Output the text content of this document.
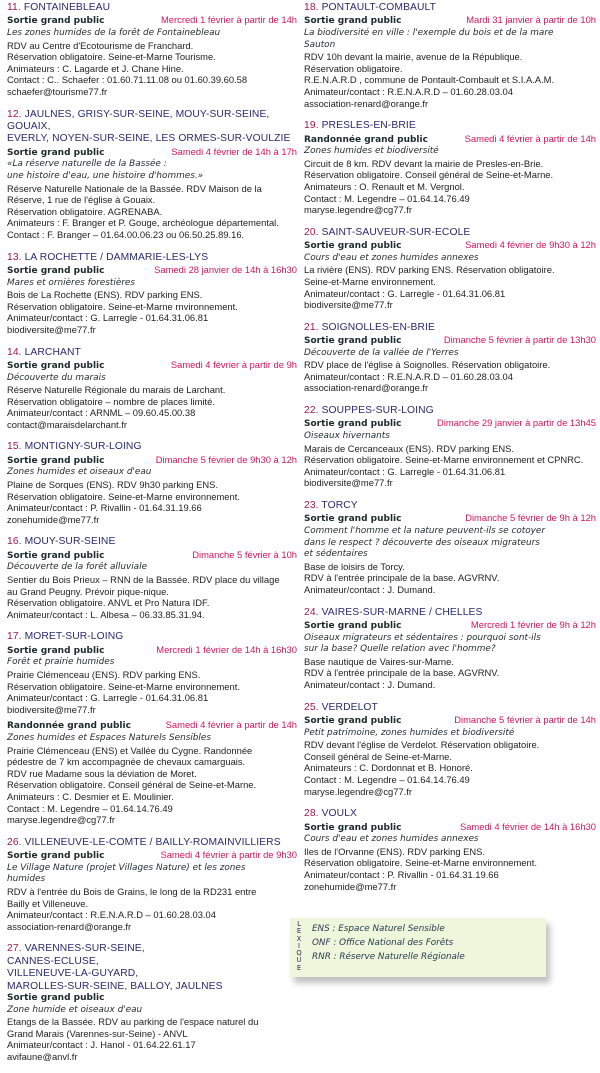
11. FONTAINEBLEAU
Sortie grand public	Mercredi 1 février à partir de 14h
Les zones humides de la forêt de Fontainebleau
RDV au Centre d'Ecotourisme de Franchard.
Réservation obligatoire. Seine-et-Marne Tourisme.
Animateurs : C. Lagarde et J. Chane Hine.
Contact : C.. Schaefer : 01.60.71.11.08 ou 01.60.39.60.58
schaefer@tourisme77.fr
12. JAULNES, GRISY-SUR-SEINE, MOUY-SUR-SEINE, GOUAIX,
EVERLY, NOYEN-SUR-SEINE, LES ORMES-SUR-VOULZIE
Sortie grand public	Samedi 4 février de 14h à 17h
«La réserve naturelle de la Bassée :
une histoire d'eau, une histoire d'hommes.»
Réserve Naturelle Nationale de la Bassée. RDV Maison de la
Réserve, 1 rue de l'église à Gouaix.
Réservation obligatoire. AGRENABA.
Animateurs : F. Branger et P. Gouge, archéologue départemental.
Contact : F. Branger – 01.64.00.06.23 ou 06.50.25.89.16.
13. LA ROCHETTE / DAMMARIE-LES-LYS
Sortie grand public	Samedi 28 janvier de 14h à 16h30
Mares et ornières forestières
Bois de La Rochette (ENS). RDV parking ENS.
Réservation obligatoire. Seine-et-Marne rnvironnement.
Animateur/contact : G. Larregle - 01.64.31.06.81
biodiversite@me77.fr
14. LARCHANT
Sortie grand public	Samedi 4 février à partir de 9h
Découverte du marais
Réserve Naturelle Régionale du marais de Larchant.
Réservation obligatoire – nombre de places limité.
Animateur/contact : ARNML – 09.60.45.00.38
contact@maraisdelarchant.fr
15. MONTIGNY-SUR-LOING
Sortie grand public	Dimanche 5 février de 9h30 à 12h
Zones humides et oiseaux d'eau
Plaine de Sorques (ENS). RDV 9h30 parking ENS.
Réservation obligatoire. Seine-et-Marne environnement.
Animateur/contact : P. Rivallin - 01.64.31.19.66
zonehumide@me77.fr
16. MOUY-SUR-SEINE
Sortie grand public	Dimanche 5 février à 10h
Découverte de la forêt alluviale
Sentier du Bois Prieux – RNN de la Bassée. RDV place du village
au Grand Peugny. Prévoir pique-nique.
Réservation obligatoire. ANVL et Pro Natura IDF.
Animateur/contact : L. Albesa – 06.33.85.31.94.
17. MORET-SUR-LOING
Sortie grand public	Mercredi 1 février de 14h à 16h30
Forêt et prairie humides
Prairie Clémenceau (ENS). RDV parking ENS.
Réservation obligatoire. Seine-et-Marne environnement.
Animateur/contact : G. Larregle - 01.64.31.06.81
biodiversite@me77.fr
Randonnée grand public	Samedi 4 février à partir de 14h
Zones humides et Espaces Naturels Sensibles
Prairie Clémenceau (ENS) et Vallée du Cygne. Randonnée
pédestre de 7 km accompagnée de chevaux camarguais.
RDV rue Madame sous la déviation de Moret.
Réservation obligatoire. Conseil général de Seine-et-Marne.
Animateurs : C. Desmier et E. Moulinier.
Contact : M. Legendre – 01.64.14.76.49
maryse.legendre@cg77.fr
26. VILLENEUVE-LE-COMTE / BAILLY-ROMAINVILLIERS
Sortie grand public	Samedi 4 février à partir de 9h30
Le Village Nature (projet Villages Nature) et les zones
humides
RDV à l'entrée du Bois de Grains, le long de la RD231 entre
Bailly et Villeneuve.
Animateur/contact : R.E.N.A.R.D – 01.60.28.03.04
association-renard@orange.fr
27. VARENNES-SUR-SEINE,
CANNES-ECLUSE,
VILLENEUVE-LA-GUYARD,
MAROLLES-SUR-SEINE, BALLOY, JAULNES
Sortie grand public
Zone humide et oiseaux d'eau
Etangs de la Bassée. RDV au parking de l'espace naturel du
Grand Marais (Varennes-sur-Seine) - ANVL
Animateur/contact : J. Hanol - 01.64.22.61.17
avifaune@anvl.fr
18. PONTAULT-COMBAULT
Sortie grand public	Mardi 31 janvier à partir de 10h
La biodiversité en ville : l'exemple du bois et de la mare
Sauton
RDV 10h devant la mairie, avenue de la République.
Réservation obligatoire.
R.E.N.A.R.D , commune de Pontault-Combault et S.I.A.A.M.
Animateur/contact : R.E.N.A.R.D – 01.60.28.03.04
association-renard@orange.fr
19. PRESLES-EN-BRIE
Randonnée grand public	Samedi 4 février à partir de 14h
Zones humides et biodiversité
Circuit de 8 km. RDV devant la mairie de Presles-en-Brie.
Réservation obligatoire. Conseil général de Seine-et-Marne.
Animateurs : O. Renault et M. Vergnol.
Contact : M. Legendre – 01.64.14.76.49
maryse.legendre@cg77.fr
20. SAINT-SAUVEUR-SUR-ECOLE
Sortie grand public	Samedi 4 février de 9h30 à 12h
Cours d'eau et zones humides annexes
La rivière (ENS). RDV parking ENS. Réservation obligatoire.
Seine-et-Marne environnement.
Animateur/contact : G. Larregle - 01.64.31.06.81
biodiversite@me77.fr
21. SOIGNOLLES-EN-BRIE
Sortie grand public	Dimanche 5 février à partir de 13h30
Découverte de la vallée de l'Yerres
RDV place de l'église à Soignolles. Réservation obligatoire.
Animateur/contact : R.E.N.A.R.D – 01.60.28.03.04
association-renard@orange.fr
22. SOUPPES-SUR-LOING
Sortie grand public	Dimanche 29 janvier à partir de 13h45
Oiseaux hivernants
Marais de Cercanceaux (ENS). RDV parking ENS.
Réservation obligatoire. Seine-et-Marne environnement et CPNRC.
Animateur/contact : G. Larregle - 01.64.31.06.81
biodiversite@me77.fr
23. TORCY
Sortie grand public	Dimanche 5 février de 9h à 12h
Comment l'homme et la nature peuvent-ils se cotoyer
dans le respect ? découverte des oiseaux migrateurs
et sédentaires
Base de loisirs de Torcy.
RDV à l'entrée principale de la base. AGVRNV.
Animateur/contact : J. Dumand.
24. VAIRES-SUR-MARNE / CHELLES
Sortie grand public	Mercredi 1 février de 9h à 12h
Oiseaux migrateurs et sédentaires : pourquoi sont-ils
sur la base? Quelle relation avec l'homme?
Base nautique de Vaires-sur-Marne.
RDV à l'entrée principale de la base. AGVRNV.
Animateur/contact : J. Dumand.
25. VERDELOT
Sortie grand public	Dimanche 5 février à partir de 14h
Petit patrimoine, zones humides et biodiversité
RDV devant l'église de Verdelot. Réservation obligatoire.
Conseil général de Seine-et-Marne.
Animateurs : C. Dordonnat et B. Honoré.
Contact : M. Legendre – 01.64.14.76.49
maryse.legendre@cg77.fr
28. VOULX
Sortie grand public	Samedi 4 février de 14h à 16h30
Cours d'eau et zones humides annexes
Iles de l'Orvanne (ENS). RDV parking ENS.
Réservation obligatoire. Seine-et-Marne environnement.
Animateur/contact : P. Rivallin - 01.64.31.19.66
zonehumide@me77.fr
L
E
X
I
Q
U
E
ENS : Espace Naturel Sensible
ONF : Office National des Forêts
RNR : Réserve Naturelle Régionale
